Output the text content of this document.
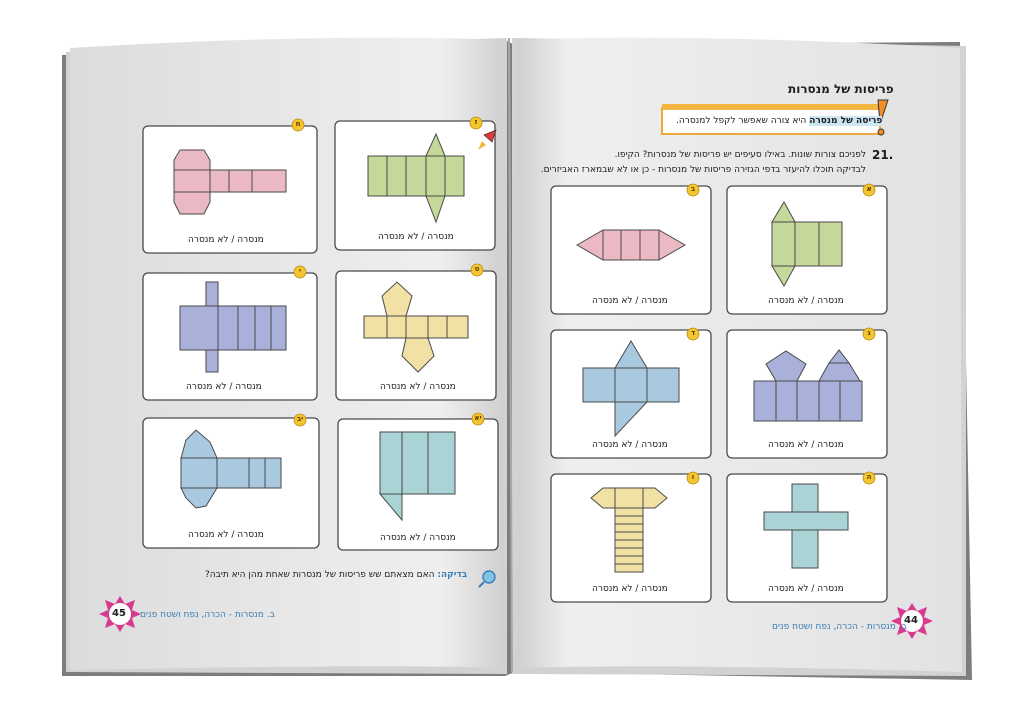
פריסות של מנסרות
פריסה של מנסרה היא צורה שאפשר לקפל למנסרה.
21.
לפניכם צורות שונות. באילו סעיפים יש פריסות של מנסרות? הקיפו.
לבדיקה תוכלו להיעזר בדפי הגזירה פריסות של מנסרות - כן או לא שבמארז האביזרים.
מנסרה / לא מנסרה
מנסרה / לא מנסרה
מנסרה / לא מנסרה
מנסרה / לא מנסרה
מנסרה / לא מנסרה
מנסרה / לא מנסרה
א
ב
ג
ד
ה
ו
ב. מנסרות - הכרה, נפח ושטח פנים
44
מנסרה / לא מנסרה
מנסרה / לא מנסרה
מנסרה / לא מנסרה
מנסרה / לא מנסרה
מנסרה / לא מנסרה
מנסרה / לא מנסרה
ז
ח
ט
י
יא
יב
בדיקה: האם מצאתם שש פריסות של מנסרות שאחת מהן היא תיבה?
ב. מנסרות - הכרה, נפח ושטח פנים
45
